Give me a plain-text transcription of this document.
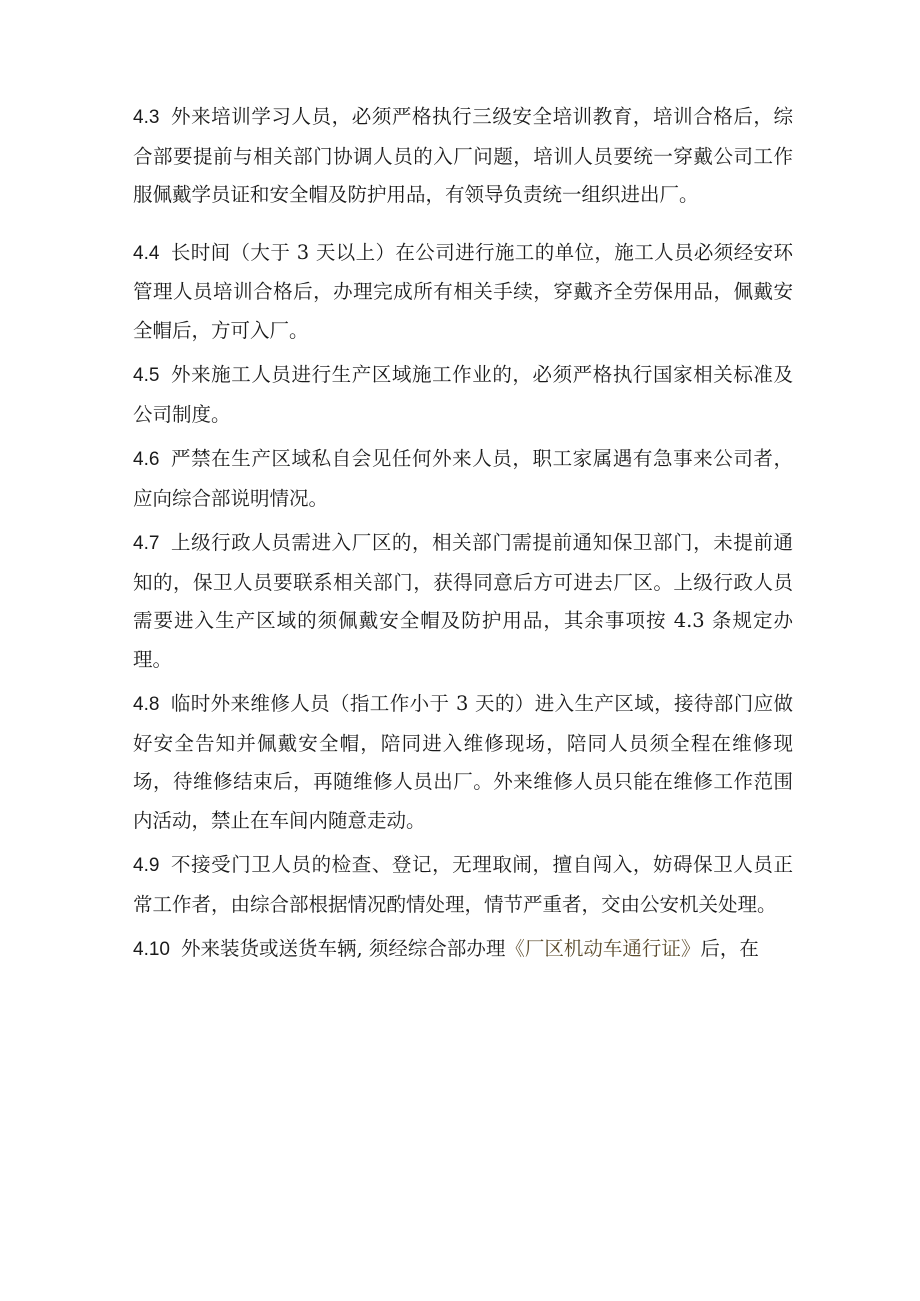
4.3 外来培训学习人员，必须严格执行三级安全培训教育，培训合格后，综合部要提前与相关部门协调人员的入厂问题，培训人员要统一穿戴公司工作服佩戴学员证和安全帽及防护用品，有领导负责统一组织进出厂。

4.4 长时间（大于 3 天以上）在公司进行施工的单位，施工人员必须经安环管理人员培训合格后，办理完成所有相关手续，穿戴齐全劳保用品，佩戴安全帽后，方可入厂。

4.5 外来施工人员进行生产区域施工作业的，必须严格执行国家相关标准及公司制度。

4.6 严禁在生产区域私自会见任何外来人员，职工家属遇有急事来公司者，应向综合部说明情况。

4.7 上级行政人员需进入厂区的，相关部门需提前通知保卫部门，未提前通知的，保卫人员要联系相关部门，获得同意后方可进去厂区。上级行政人员需要进入生产区域的须佩戴安全帽及防护用品，其余事项按 4.3 条规定办理。

4.8 临时外来维修人员（指工作小于 3 天的）进入生产区域，接待部门应做好安全告知并佩戴安全帽，陪同进入维修现场，陪同人员须全程在维修现场，待维修结束后，再随维修人员出厂。外来维修人员只能在维修工作范围内活动，禁止在车间内随意走动。

4.9 不接受门卫人员的检查、登记，无理取闹，擅自闯入，妨碍保卫人员正常工作者，由综合部根据情况酌情处理，情节严重者，交由公安机关处理。

4.10 外来装货或送货车辆, 须经综合部办理《厂区机动车通行证》后，在
